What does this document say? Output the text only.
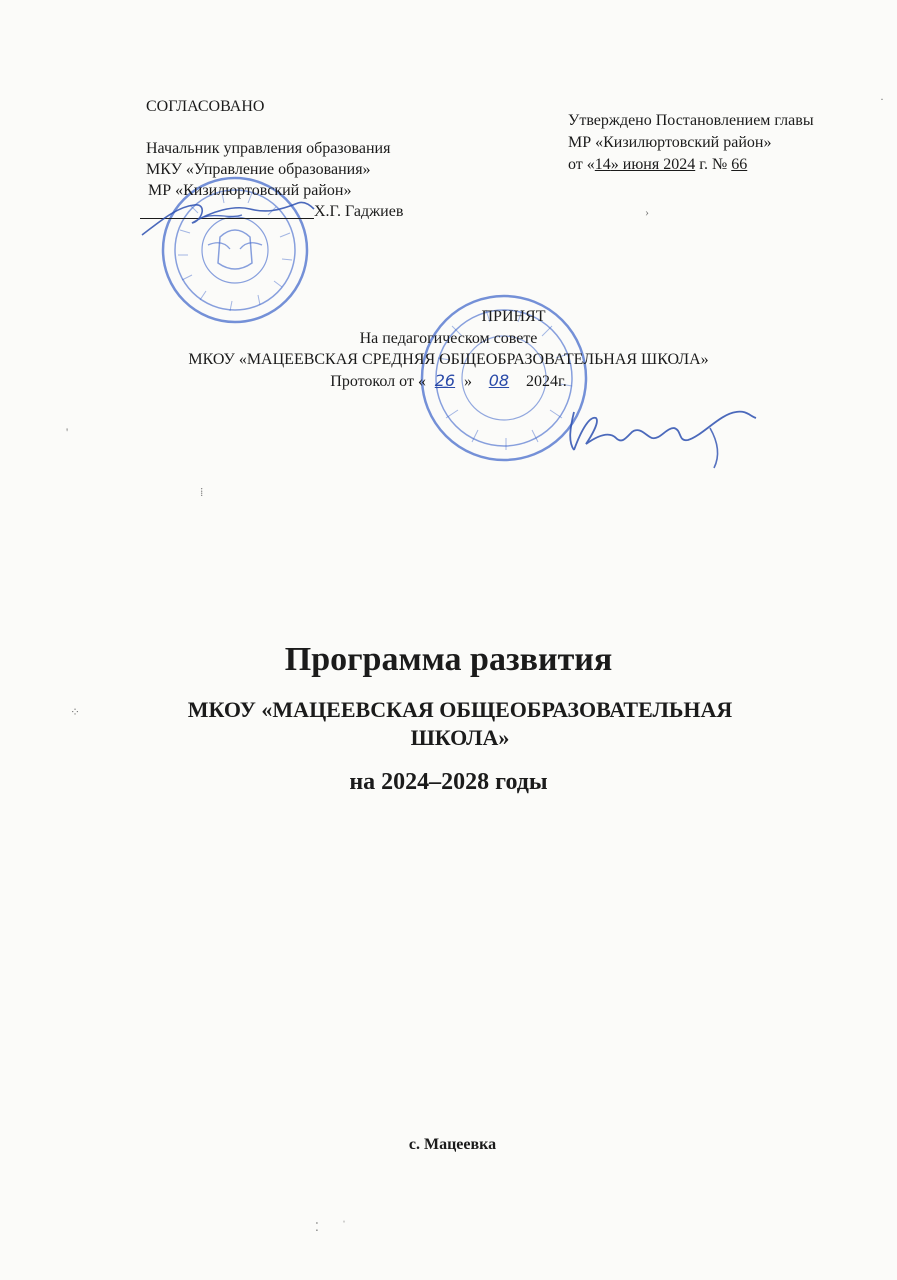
СОГЛАСОВАНО
Начальник управления образования
МКУ «Управление образования»
МР «Кизилюртовский район»
Х.Г. Гаджиев
Утверждено Постановлением главы
МР «Кизилюртовский район»
от «14» июня 2024 г. № 66
ПРИНЯТ
На педагогическом совете
МКОУ «МАЦЕЕВСКАЯ СРЕДНЯЯ ОБЩЕОБРАЗОВАТЕЛЬНАЯ ШКОЛА»
Протокол от « 26 » 08 2024г.
Программа развития
МКОУ «МАЦЕЕВСКАЯ ОБЩЕОБРАЗОВАТЕЛЬНАЯ ШКОЛА»
на 2024–2028 годы
с. Мацеевка
'
⁞
⁘
⁚ ˈ
·
›
